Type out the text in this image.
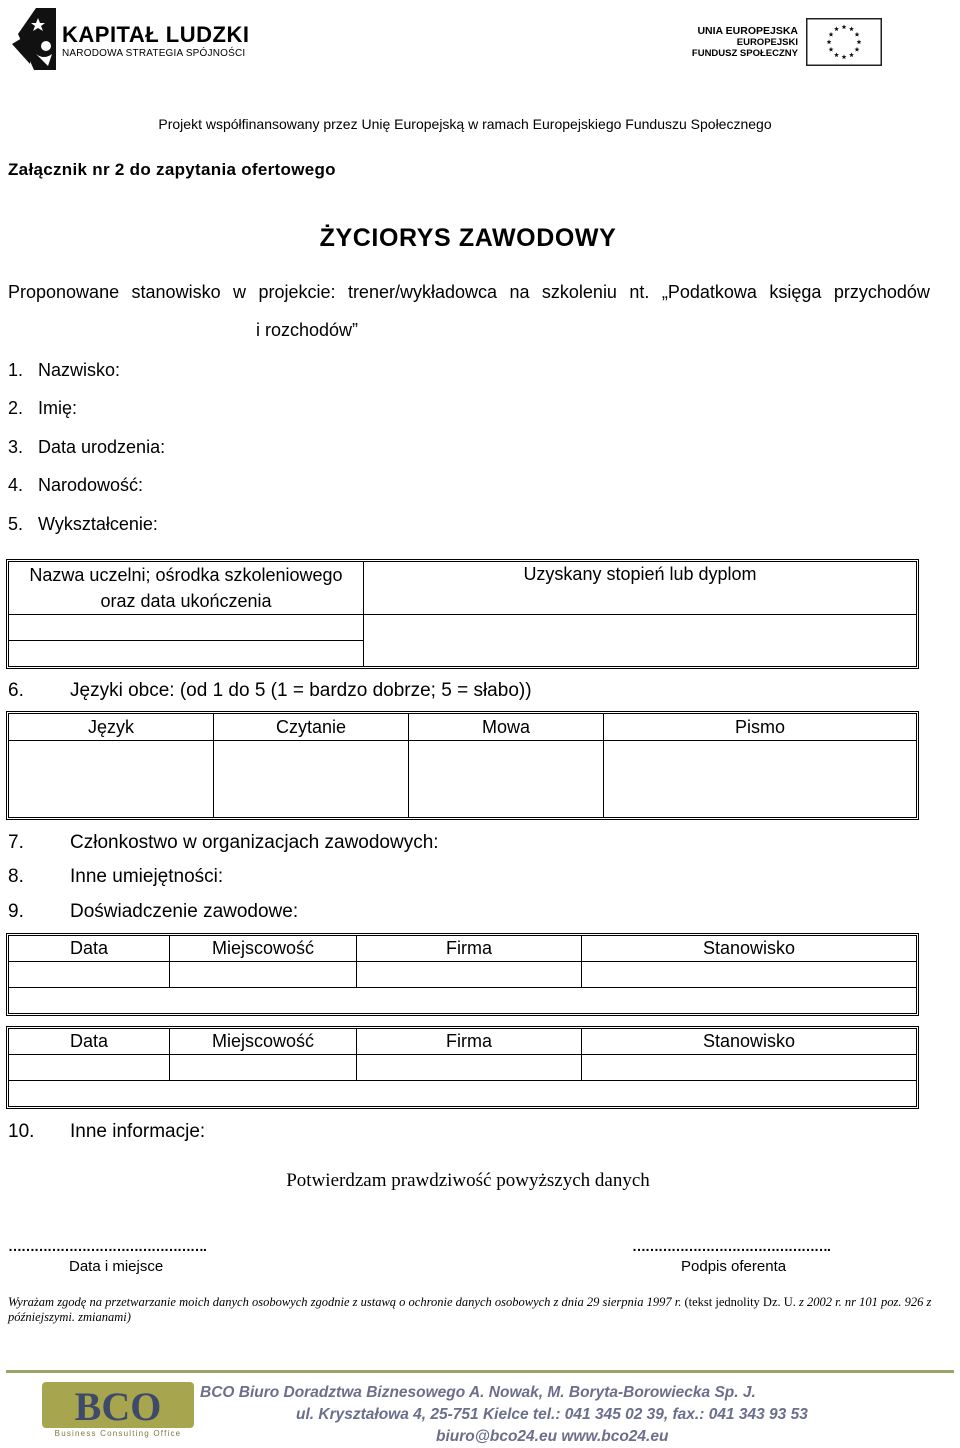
KAPITAŁ LUDZKI
NARODOWA STRATEGIA SPÓJNOŚCI
UNIA EUROPEJSKA
EUROPEJSKI
FUNDUSZ SPOŁECZNY
Projekt współfinansowany przez Unię Europejską w ramach Europejskiego Funduszu Społecznego
Załącznik nr 2 do zapytania ofertowego
ŻYCIORYS ZAWODOWY
Proponowane stanowisko w projekcie: trener/wykładowca na szkoleniu nt. „Podatkowa księga przychodów
i rozchodów”
1. Nazwisko:
2. Imię:
3. Data urodzenia:
4. Narodowość:
5. Wykształcenie:
Nazwa uczelni; ośrodka szkoleniowego oraz data ukończenia	Uzyskany stopień lub dyplom

6. Języki obce: (od 1 do 5 (1 = bardzo dobrze; 5 = słabo))
Język	Czytanie	Mowa	Pismo

7. Członkostwo w organizacjach zawodowych:
8. Inne umiejętności:
9. Doświadczenie zawodowe:
Data	Miejscowość	Firma	Stanowisko

Data	Miejscowość	Firma	Stanowisko

10. Inne informacje:
Potwierdzam prawdziwość powyższych danych
……………………………………….
Data i miejsce
……………………………………….
Podpis oferenta
Wyrażam zgodę na przetwarzanie moich danych osobowych zgodnie z ustawą o ochronie danych osobowych z dnia 29 sierpnia 1997 r. (tekst jednolity Dz. U. z 2002 r. nr 101 poz. 926 z późniejszymi. zmianami)
BCO
Business Consulting Office
BCO Biuro Doradztwa Biznesowego A. Nowak, M. Boryta-Borowiecka Sp. J.
ul. Kryształowa 4, 25-751 Kielce tel.: 041 345 02 39, fax.: 041 343 93 53
biuro@bco24.eu www.bco24.eu
